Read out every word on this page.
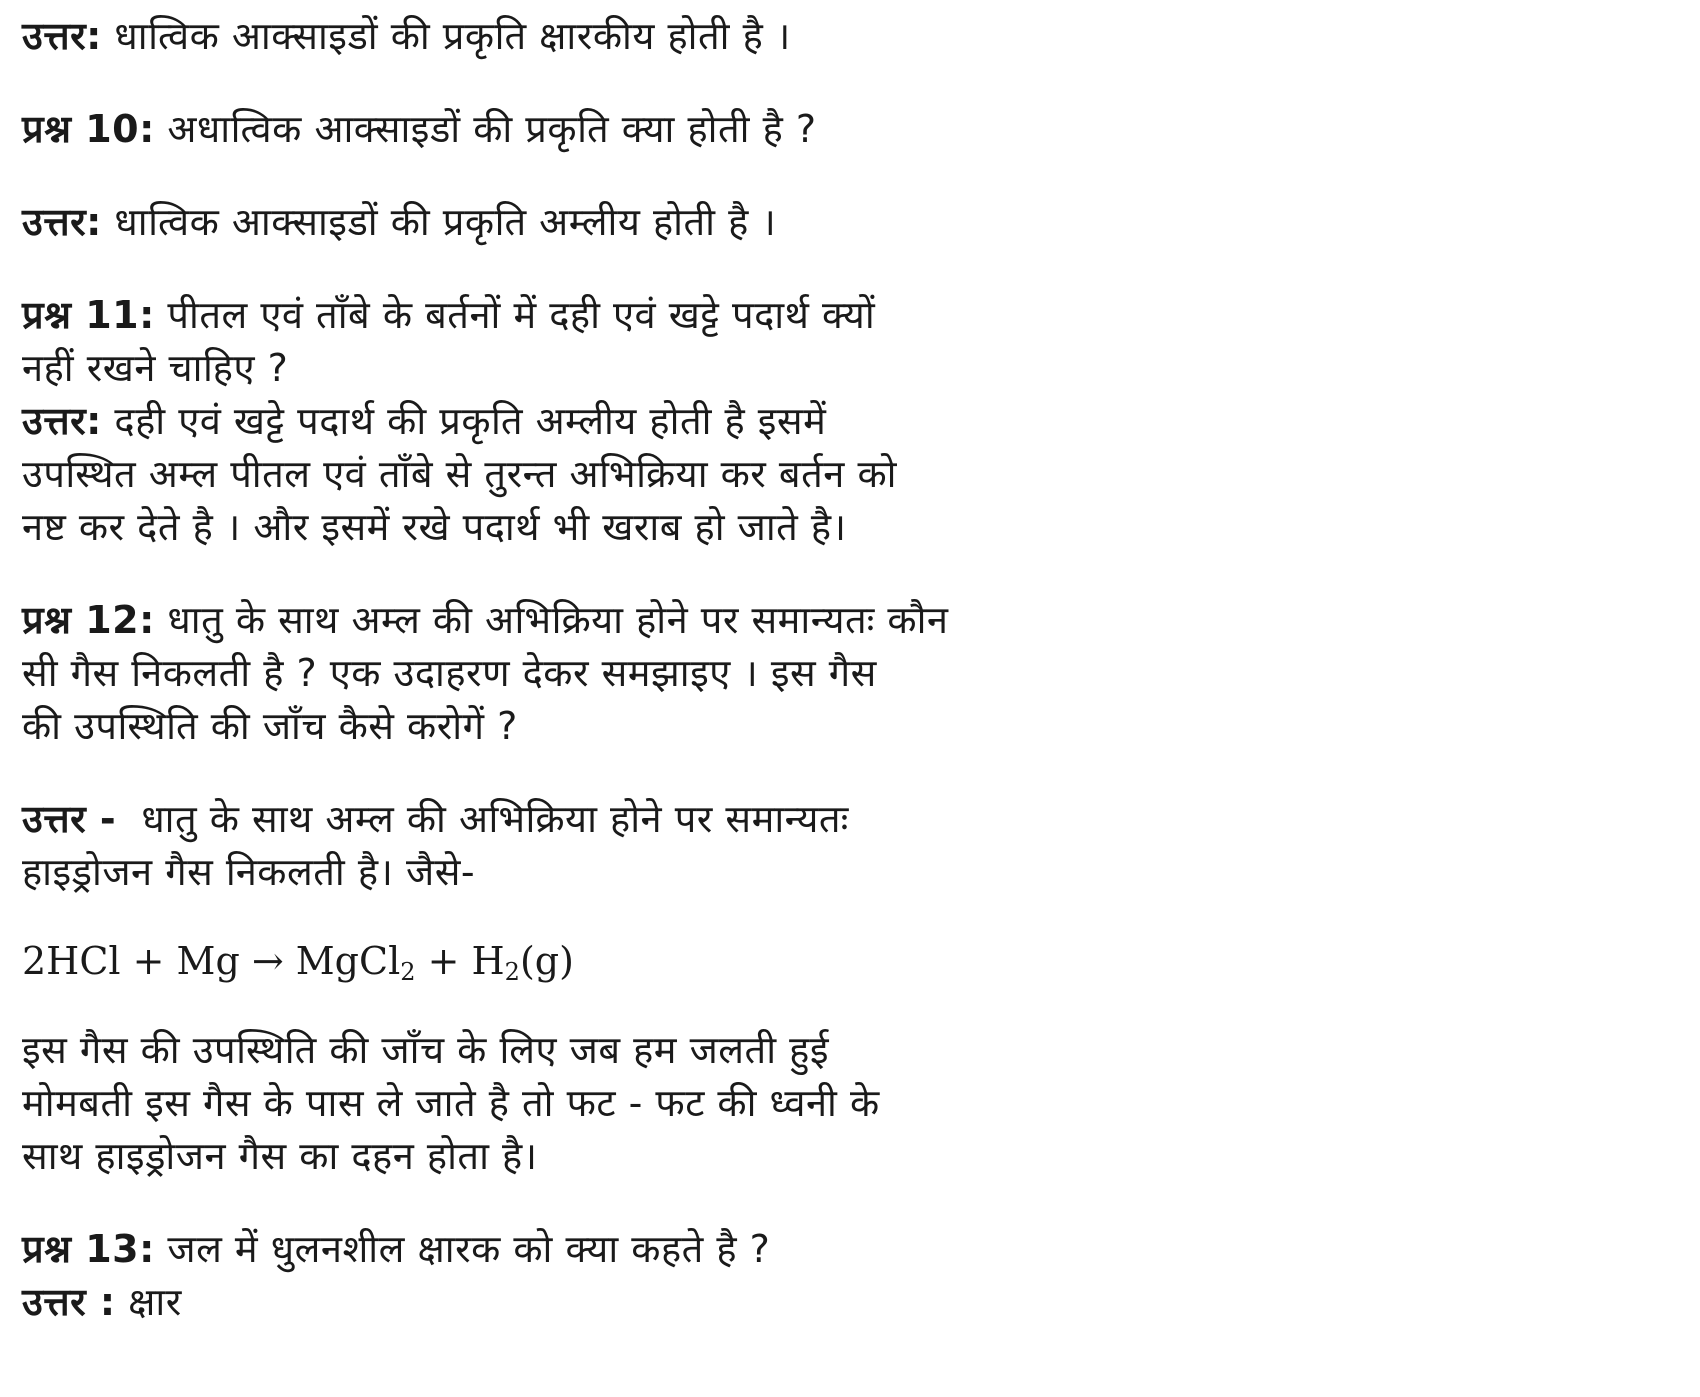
उत्तर: धात्विक आक्साइडों की प्रकृति क्षारकीय होती है ।
प्रश्न 10: अधात्विक आक्साइडों की प्रकृति क्या होती है ?
उत्तर: धात्विक आक्साइडों की प्रकृति अम्लीय होती है ।
प्रश्न 11: पीतल एवं ताँबे के बर्तनों में दही एवं खट्टे पदार्थ क्यों
नहीं रखने चाहिए ?
उत्तर: दही एवं खट्टे पदार्थ की प्रकृति अम्लीय होती है इसमें
उपस्थित अम्ल पीतल एवं ताँबे से तुरन्त अभिक्रिया कर बर्तन को
नष्ट कर देते है । और इसमें रखे पदार्थ भी खराब हो जाते है।
प्रश्न 12: धातु के साथ अम्ल की अभिक्रिया होने पर समान्यतः कौन
सी गैस निकलती है ? एक उदाहरण देकर समझाइए । इस गैस
की उपस्थिति की जाँच कैसे करोगें ?
उत्तर - धातु के साथ अम्ल की अभिक्रिया होने पर समान्यतः
हाइड्रोजन गैस निकलती है। जैसे-
2HCl + Mg → MgCl$_2$ + $H_2(g)$
इस गैस की उपस्थिति की जाँच के लिए जब हम जलती हुई
मोमबती इस गैस के पास ले जाते है तो फट - फट की ध्वनी के
साथ हाइड्रोजन गैस का दहन होता है।
प्रश्न 13: जल में धुलनशील क्षारक को क्या कहते है ?
उत्तर : क्षार
